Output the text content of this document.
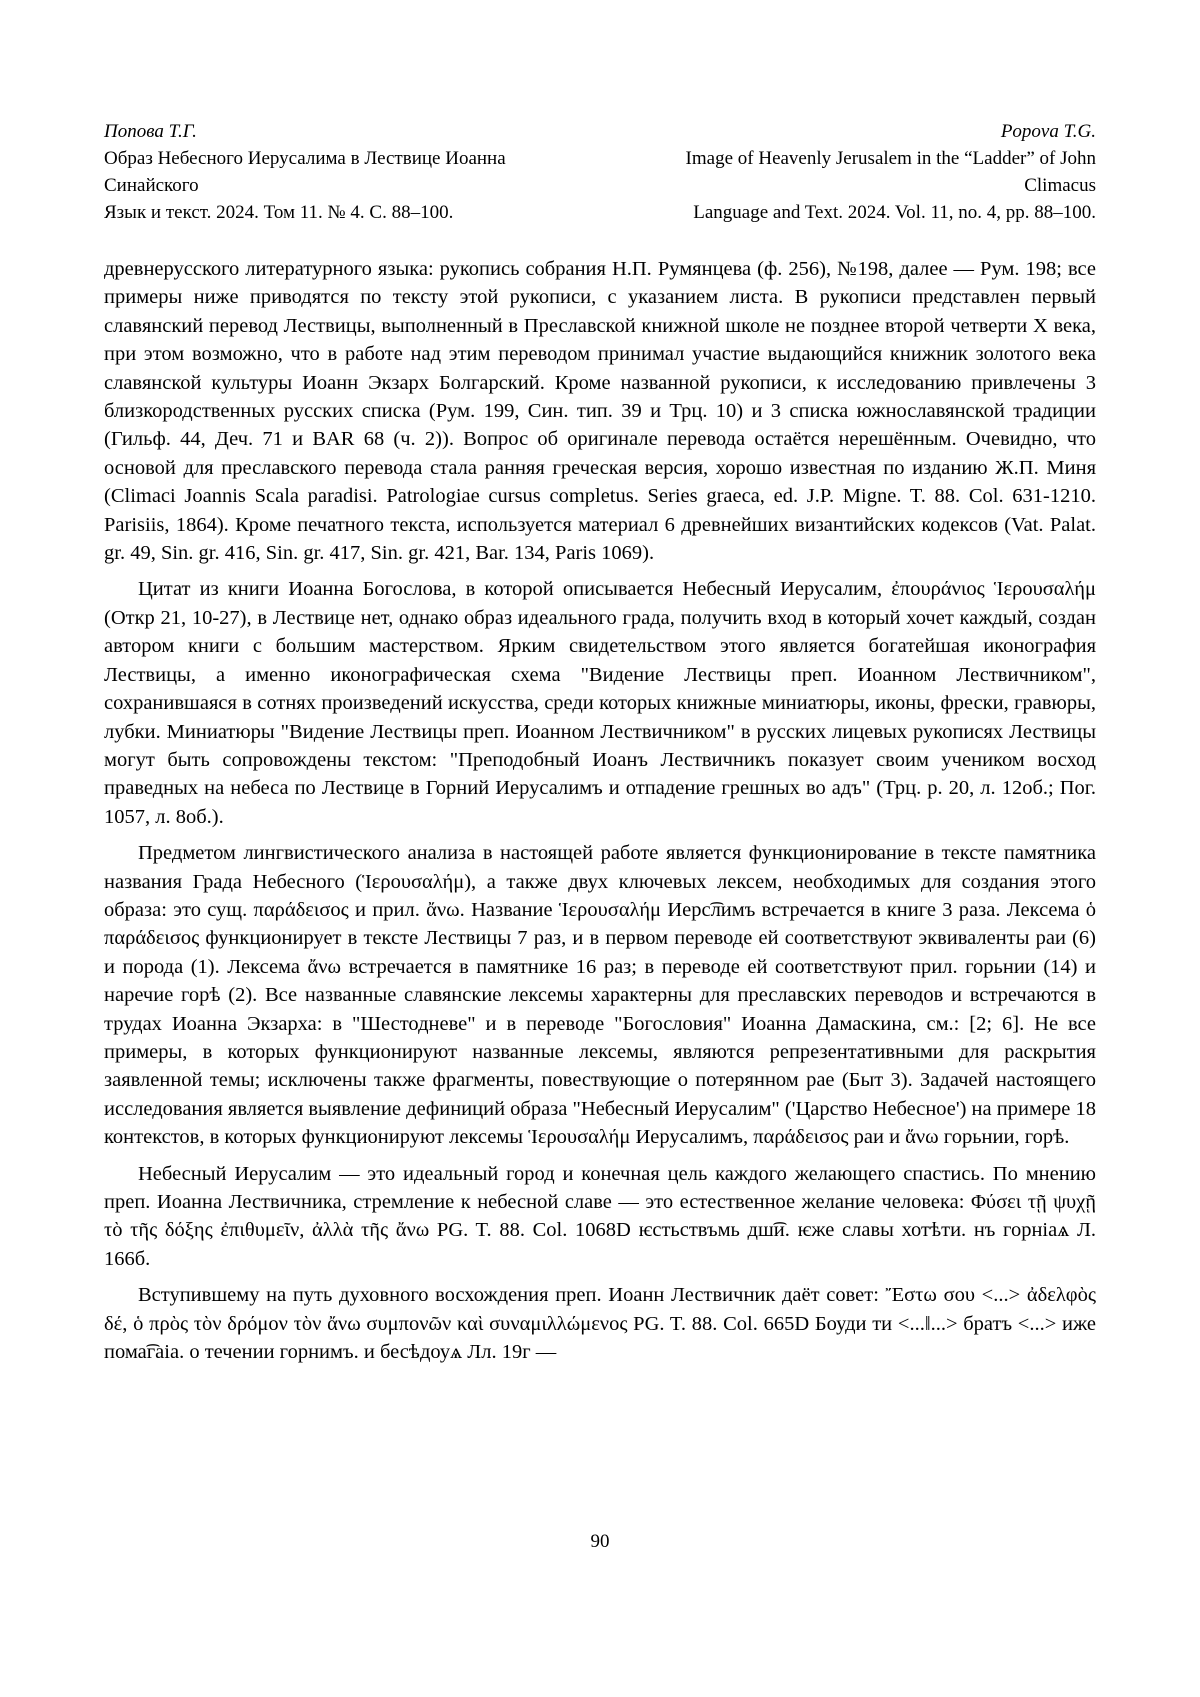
Попова Т.Г.
Образ Небесного Иерусалима в Лествице Иоанна Синайского
Язык и текст. 2024. Том 11. № 4. С. 88–100.
Popova T.G.
Image of Heavenly Jerusalem in the “Ladder” of John Climacus
Language and Text. 2024. Vol. 11, no. 4, pp. 88–100.

древнерусского литературного языка: рукопись собрания Н.П. Румянцева (ф. 256), №198, далее — Рум. 198; все примеры ниже приводятся по тексту этой рукописи, с указанием листа. В рукописи представлен первый славянский перевод Лествицы, выполненный в Преславской книжной школе не позднее второй четверти X века, при этом возможно, что в работе над этим переводом принимал участие выдающийся книжник золотого века славянской культуры Иоанн Экзарх Болгарский. Кроме названной рукописи, к исследованию привлечены 3 близкородственных русских списка (Рум. 199, Син. тип. 39 и Трц. 10) и 3 списка южнославянской традиции (Гильф. 44, Деч. 71 и BAR 68 (ч. 2)). Вопрос об оригинале перевода остаётся нерешённым. Очевидно, что основой для преславского перевода стала ранняя греческая версия, хорошо известная по изданию Ж.П. Миня (Climaci Joannis Scala paradisi. Patrologiae cursus completus. Series graeca, ed. J.P. Migne. T. 88. Col. 631-1210. Parisiis, 1864). Кроме печатного текста, используется материал 6 древнейших византийских кодексов (Vat. Palat. gr. 49, Sin. gr. 416, Sin. gr. 417, Sin. gr. 421, Bar. 134, Paris 1069).

Цитат из книги Иоанна Богослова, в которой описывается Небесный Иерусалим, ἐπουράνιος Ἱερουσαλήμ (Откр 21, 10-27), в Лествице нет, однако образ идеального града, получить вход в который хочет каждый, создан автором книги с большим мастерством. Ярким свидетельством этого является богатейшая иконография Лествицы, а именно иконографическая схема "Видение Лествицы преп. Иоанном Лествичником", сохранившаяся в сотнях произведений искусства, среди которых книжные миниатюры, иконы, фрески, гравюры, лубки. Миниатюры "Видение Лествицы преп. Иоанном Лествичником" в русских лицевых рукописях Лествицы могут быть сопровождены текстом: "Преподобный Иоанъ Лествичникъ показует своим учеником восход праведных на небеса по Лествице в Горний Иерусалимъ и отпадение грешных во адъ" (Трц. р. 20, л. 12об.; Пог. 1057, л. 8об.).

Предметом лингвистического анализа в настоящей работе является функционирование в тексте памятника названия Града Небесного (Ἱερουσαλήμ), а также двух ключевых лексем, необходимых для создания этого образа: это сущ. παράδεισος и прил. ἄνω. Название Ἱερουσαλήμ Иерс͡лимъ встречается в книге 3 раза. Лексема ὁ παράδεισος функционирует в тексте Лествицы 7 раз, и в первом переводе ей соответствуют эквиваленты раи (6) и порода (1). Лексема ἄνω встречается в памятнике 16 раз; в переводе ей соответствуют прил. горьнии (14) и наречие горѣ (2). Все названные славянские лексемы характерны для преславских переводов и встречаются в трудах Иоанна Экзарха: в "Шестодневе" и в переводе "Богословия" Иоанна Дамаскина, см.: [2; 6]. Не все примеры, в которых функционируют названные лексемы, являются репрезентативными для раскрытия заявленной темы; исключены также фрагменты, повествующие о потерянном рае (Быт 3). Задачей настоящего исследования является выявление дефиниций образа "Небесный Иерусалим" ('Царство Небесное') на примере 18 контекстов, в которых функционируют лексемы Ἱερουσαλήμ Иерусалимъ, παράδεισος раи и ἄνω горьнии, горѣ.

Небесный Иерусалим — это идеальный город и конечная цель каждого желающего спастись. По мнению преп. Иоанна Лествичника, стремление к небесной славе — это естественное желание человека: Φύσει τῇ ψυχῇ τὸ τῆς δόξης ἐπιθυμεῖν, ἀλλὰ τῆς ἄνω PG. T. 88. Col. 1068D ѥстьствъмь дш͡и. ѥже славы хотѣти. нъ горніаѧ Л. 166б.

Вступившему на путь духовного восхождения преп. Иоанн Лествичник даёт совет: Ἔστω σου <...> ἀδελφὸς δέ, ὁ πρὸς τὸν δρόμον τὸν ἄνω συμπονῶν καὶ συναμιλλώμενος PG. T. 88. Col. 665D Боуди ти <...‖...> братъ <...> иже пома͡гаіа. о течении горнимъ. и бесѣдоуѧ Лл. 19г —

90
